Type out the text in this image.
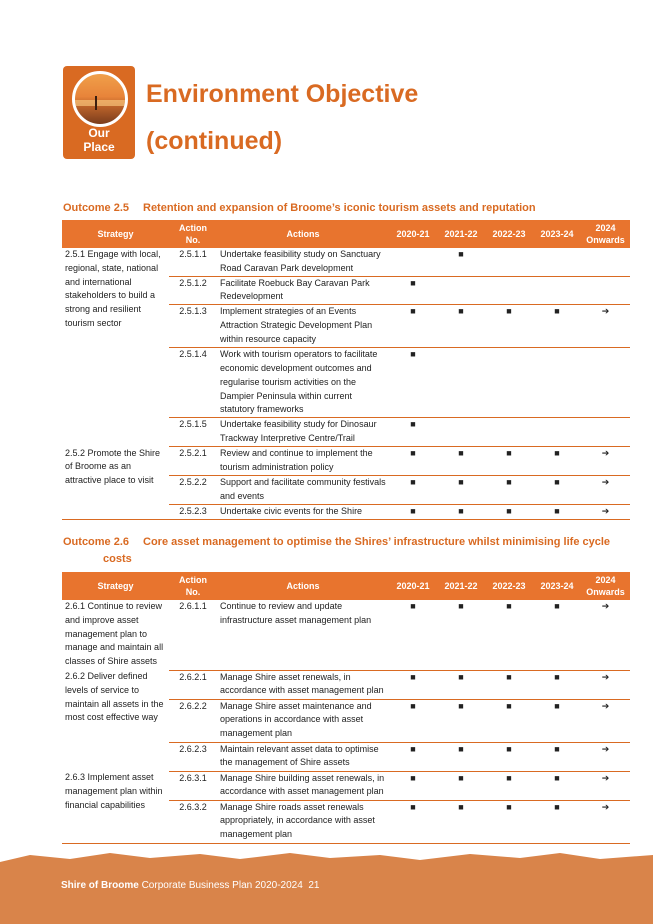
Our
Place
Environment Objective
(continued)
Outcome 2.5 Retention and expansion of Broome’s iconic tourism assets and reputation
Strategy	Action No.	Actions	2020-21	2021-22	2022-23	2023-24	2024
Onwards
2.5.1 Engage with local, regional, state, national and international stakeholders to build a strong and resilient tourism sector	2.5.1.1	Undertake feasibility study on Sanctuary Road Caravan Park development		■			
	2.5.1.2	Facilitate Roebuck Bay Caravan Park Redevelopment	■				
	2.5.1.3	Implement strategies of an Events Attraction Strategic Development Plan within resource capacity	■	■	■	■	➔
	2.5.1.4	Work with tourism operators to facilitate economic development outcomes and regularise tourism activities on the Dampier Peninsula within current statutory frameworks	■				
	2.5.1.5	Undertake feasibility study for Dinosaur Trackway Interpretive Centre/Trail	■				
2.5.2 Promote the Shire of Broome as an attractive place to visit	2.5.2.1	Review and continue to implement the tourism administration policy	■	■	■	■	➔
	2.5.2.2	Support and facilitate community festivals and events	■	■	■	■	➔
	2.5.2.3	Undertake civic events for the Shire	■	■	■	■	➔
Outcome 2.6 Core asset management to optimise the Shires’ infrastructure whilst minimising life cycle
costs
Strategy	Action No.	Actions	2020-21	2021-22	2022-23	2023-24	2024
Onwards
2.6.1 Continue to review and improve asset management plan to manage and maintain all classes of Shire assets	2.6.1.1	Continue to review and update infrastructure asset management plan	■	■	■	■	➔
2.6.2 Deliver defined levels of service to maintain all assets in the most cost effective way	2.6.2.1	Manage Shire asset renewals, in accordance with asset management plan	■	■	■	■	➔
	2.6.2.2	Manage Shire asset maintenance and operations in accordance with asset management plan	■	■	■	■	➔
	2.6.2.3	Maintain relevant asset data to optimise the management of Shire assets	■	■	■	■	➔
2.6.3 Implement asset management plan within financial capabilities	2.6.3.1	Manage Shire building asset renewals, in accordance with asset management plan	■	■	■	■	➔
	2.6.3.2	Manage Shire roads asset renewals appropriately, in accordance with asset management plan	■	■	■	■	➔
Shire of Broome Corporate Business Plan 2020-2024 21
